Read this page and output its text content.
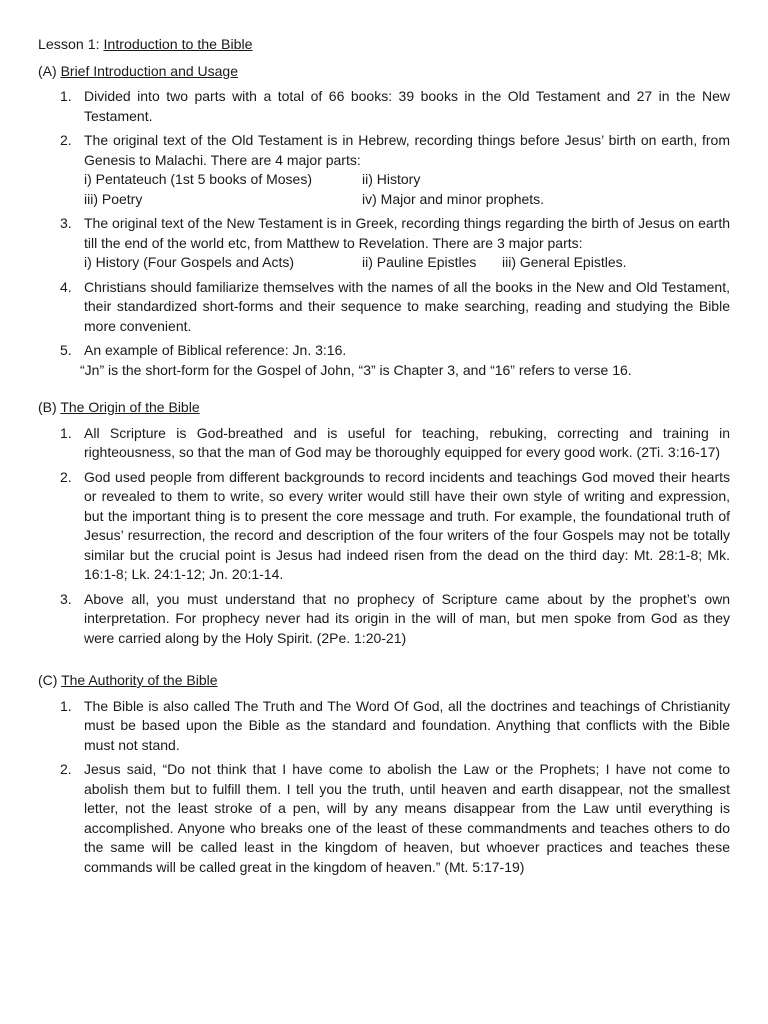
Lesson 1: Introduction to the Bible
(A) Brief Introduction and Usage
1. Divided into two parts with a total of 66 books: 39 books in the Old Testament and 27 in the New Testament.
2. The original text of the Old Testament is in Hebrew, recording things before Jesus’ birth on earth, from Genesis to Malachi. There are 4 major parts:
i) Pentateuch (1st 5 books of Moses)	ii) History
iii) Poetry	iv) Major and minor prophets.
3. The original text of the New Testament is in Greek, recording things regarding the birth of Jesus on earth till the end of the world etc, from Matthew to Revelation. There are 3 major parts:
i) History (Four Gospels and Acts)	ii) Pauline Epistles	iii) General Epistles.
4. Christians should familiarize themselves with the names of all the books in the New and Old Testament, their standardized short-forms and their sequence to make searching, reading and studying the Bible more convenient.
5. An example of Biblical reference: Jn. 3:16.
“Jn” is the short-form for the Gospel of John, “3” is Chapter 3, and “16” refers to verse 16.
(B) The Origin of the Bible
1. All Scripture is God-breathed and is useful for teaching, rebuking, correcting and training in righteousness, so that the man of God may be thoroughly equipped for every good work. (2Ti. 3:16-17)
2. God used people from different backgrounds to record incidents and teachings God moved their hearts or revealed to them to write, so every writer would still have their own style of writing and expression, but the important thing is to present the core message and truth. For example, the foundational truth of Jesus’ resurrection, the record and description of the four writers of the four Gospels may not be totally similar but the crucial point is Jesus had indeed risen from the dead on the third day: Mt. 28:1-8; Mk. 16:1-8; Lk. 24:1-12; Jn. 20:1-14.
3. Above all, you must understand that no prophecy of Scripture came about by the prophet’s own interpretation. For prophecy never had its origin in the will of man, but men spoke from God as they were carried along by the Holy Spirit. (2Pe. 1:20-21)
(C) The Authority of the Bible
1. The Bible is also called The Truth and The Word Of God, all the doctrines and teachings of Christianity must be based upon the Bible as the standard and foundation. Anything that conflicts with the Bible must not stand.
2. Jesus said, “Do not think that I have come to abolish the Law or the Prophets; I have not come to abolish them but to fulfill them. I tell you the truth, until heaven and earth disappear, not the smallest letter, not the least stroke of a pen, will by any means disappear from the Law until everything is accomplished. Anyone who breaks one of the least of these commandments and teaches others to do the same will be called least in the kingdom of heaven, but whoever practices and teaches these commands will be called great in the kingdom of heaven.” (Mt. 5:17-19)
